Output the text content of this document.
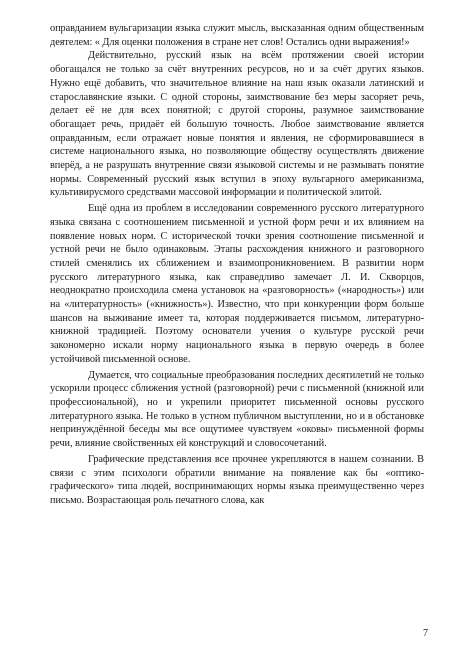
оправданием вульгаризации языка служит мысль, высказанная одним общественным деятелем: « Для оценки положения в стране нет слов! Остались одни выражения!»

Действительно, русский язык на всём протяжении своей истории обогащался не только за счёт внутренних ресурсов, но и за счёт других языков. Нужно ещё добавить, что значительное влияние на наш язык оказали латинский и старославянские языки. С одной стороны, заимствование без меры засоряет речь, делает её не для всех понятной; с другой стороны, разумное заимствование обогащает речь, придаёт ей большую точность. Любое заимствование является оправданным, если отражает новые понятия и явления, не сформировавшиеся в системе национального языка, но позволяющие обществу осуществлять движение вперёд, а не разрушать внутренние связи языковой системы и не размывать понятие нормы. Современный русский язык вступил в эпоху вульгарного американизма, культивирусмого средствами массовой информации и политической элитой.

Ещё одна из проблем в исследовании современного русского литературного языка связана с соотношением письменной и устной форм речи и их влиянием на появление новых норм. С исторической точки зрения соотношение письменной и устной речи не было одинаковым. Этапы расхождения книжного и разговорного стилей сменялись их сближением и взаимопроникновением. В развитии норм русского литературного языка, как справедливо замечает Л. И. Скворцов, неоднократно происходила смена установок на «разговорность» («народность») или на «литературность» («книжность»). Известно, что при конкуренции форм больше шансов на выживание имеет та, которая поддерживается письмом, литературно-книжной традицией. Поэтому основатели учения о культуре русской речи закономерно искали норму национального языка в первую очередь в более устойчивой письменной основе.

Думается, что социальные преобразования последних десятилетий не только ускорили процесс сближения устной (разговорной) речи с письменной (книжной или профессиональной), но и укрепили приоритет письменной основы русского литературного языка. Не только в устном публичном выступлении, но и в обстановке непринуждённой беседы мы все ощутимее чувствуем «оковы» письменной формы речи, влияние свойственных ей конструкций и словосочетаний.

Графические представления все прочнее укрепляются в нашем сознании. В связи с этим психологи обратили внимание на появление как бы «оптико-графического» типа людей, воспринимающих нормы языка преимущественно через письмо. Возрастающая роль печатного слова, как

7
